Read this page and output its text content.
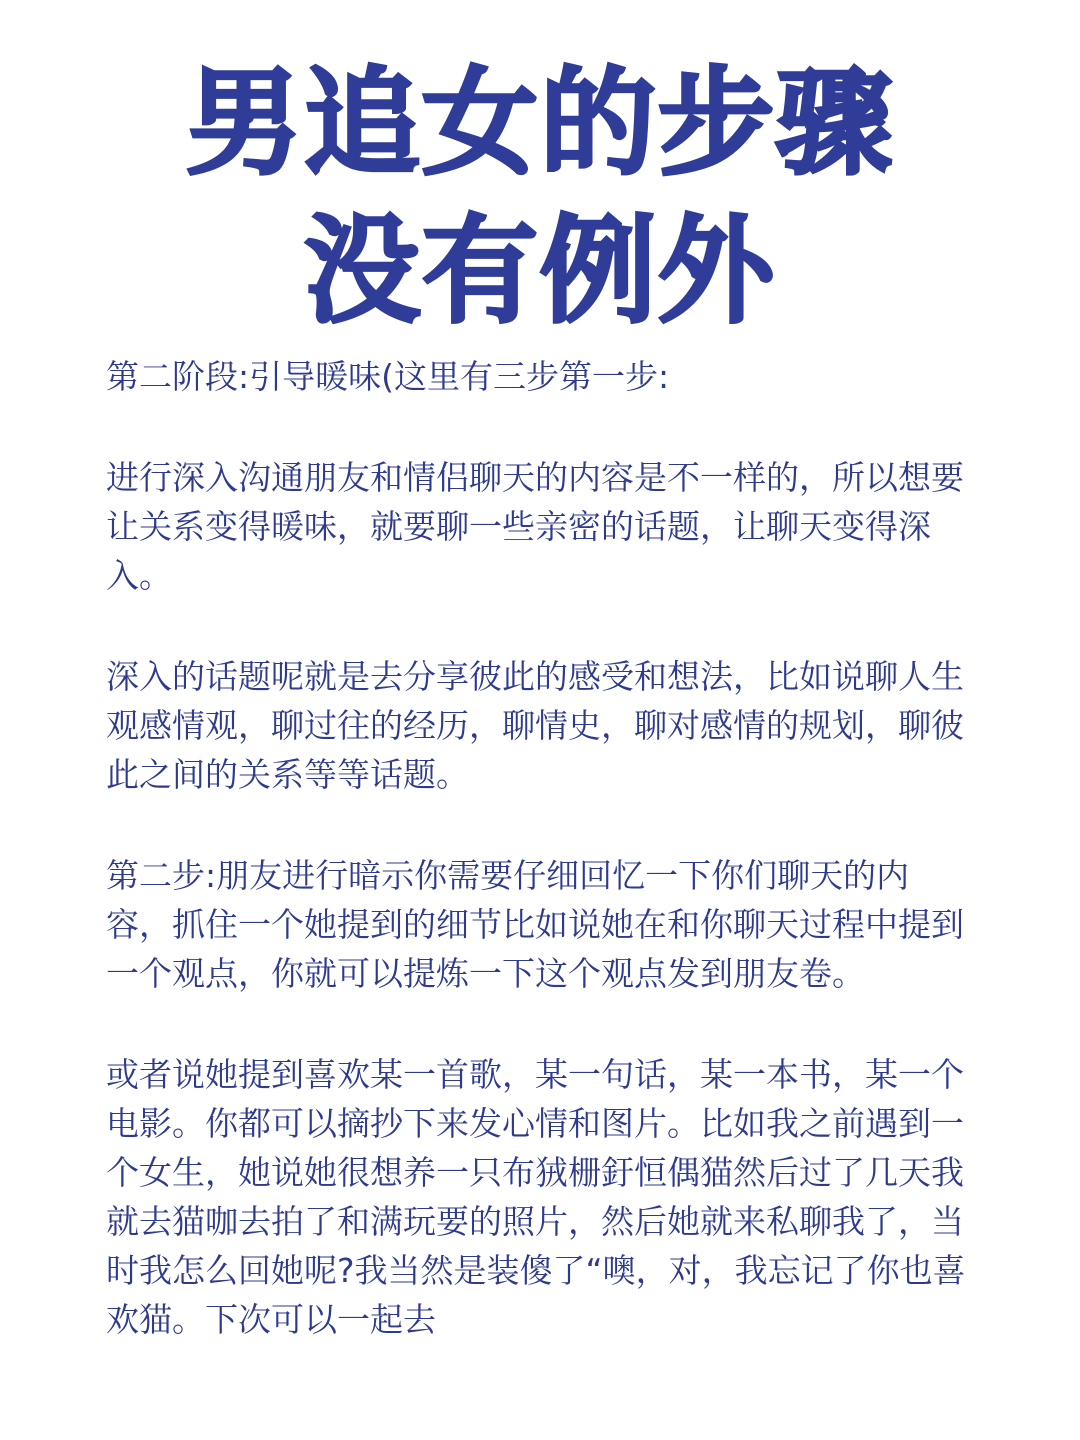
男追女的步骤
没有例外

第二阶段:引导暖味(这里有三步第一步:

进行深入沟通朋友和情侣聊天的内容是不一样的，所以想要让关系变得暖味，就要聊一些亲密的话题，让聊天变得深入。

深入的话题呢就是去分享彼此的感受和想法，比如说聊人生观感情观，聊过往的经历，聊情史，聊对感情的规划，聊彼此之间的关系等等话题。

第二步:朋友进行暗示你需要仔细回忆一下你们聊天的内容，抓住一个她提到的细节比如说她在和你聊天过程中提到一个观点，你就可以提炼一下这个观点发到朋友卷。

或者说她提到喜欢某一首歌，某一句话，某一本书，某一个电影。你都可以摘抄下来发心情和图片。比如我之前遇到一个女生，她说她很想养一只布狨栅釪恒偶猫然后过了几天我就去猫咖去拍了和满玩要的照片，然后她就来私聊我了，当时我怎么回她呢?我当然是装傻了“噢，对，我忘记了你也喜欢猫。下次可以一起去
